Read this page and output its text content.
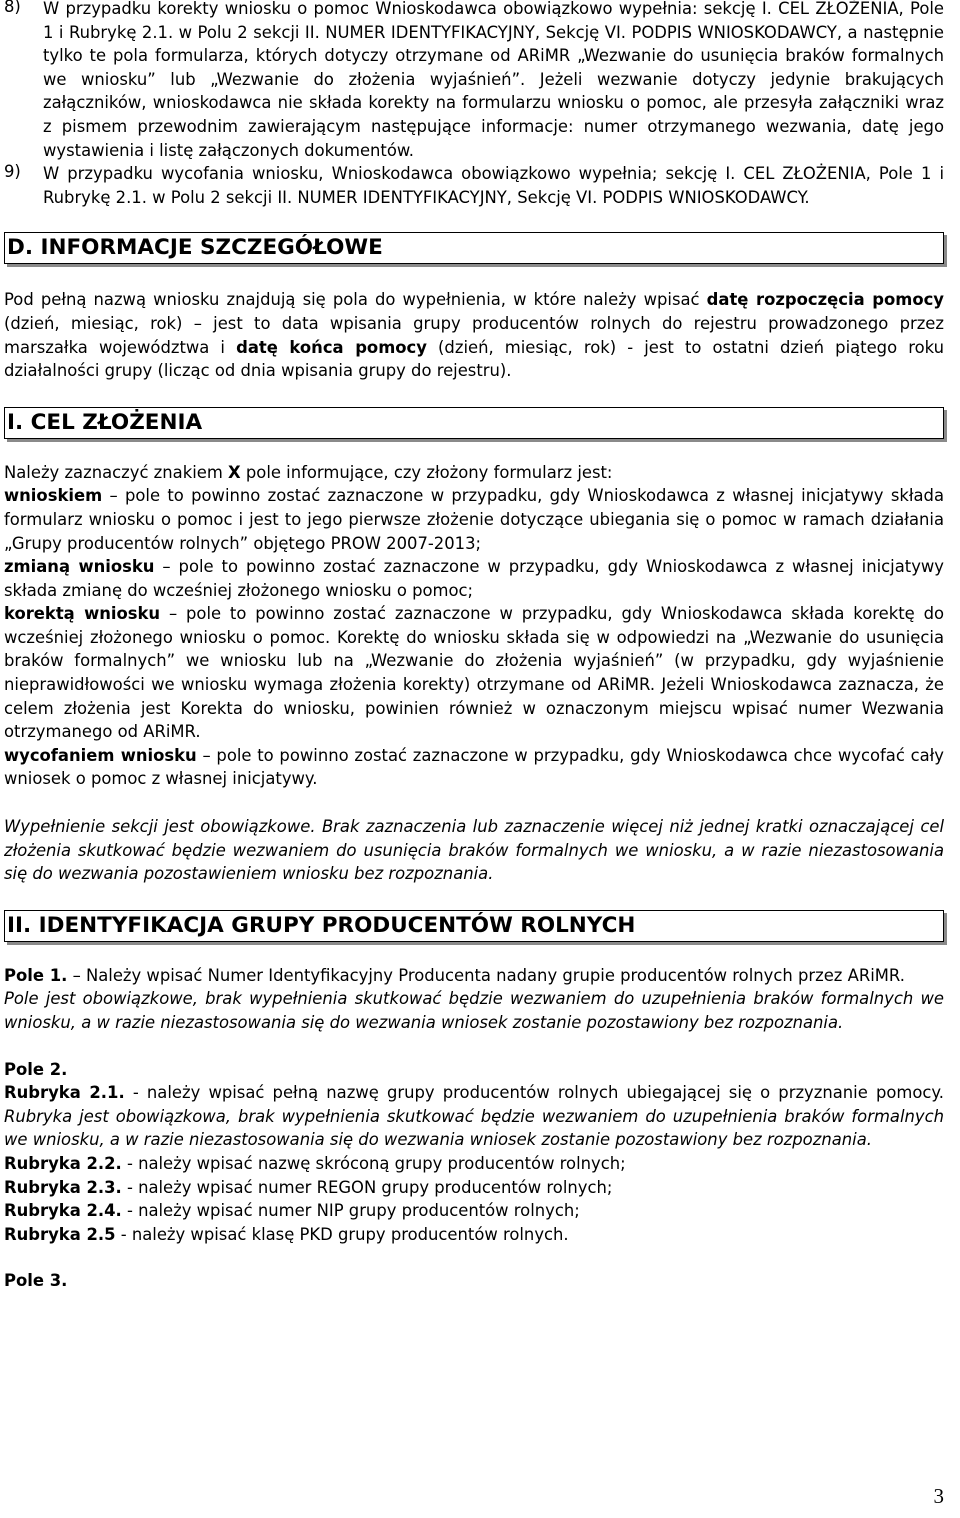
8)	W przypadku korekty wniosku o pomoc Wnioskodawca obowiązkowo wypełnia: sekcję I. CEL ZŁOŻENIA, Pole 1 i Rubrykę 2.1. w Polu 2 sekcji II. NUMER IDENTYFIKACYJNY, Sekcję VI. PODPIS WNIOSKODAWCY, a następnie tylko te pola formularza, których dotyczy otrzymane od ARiMR „Wezwanie do usunięcia braków formalnych we wniosku” lub „Wezwanie do złożenia wyjaśnień”. Jeżeli wezwanie dotyczy jedynie brakujących załączników, wnioskodawca nie składa korekty na formularzu wniosku o pomoc, ale przesyła załączniki wraz z pismem przewodnim zawierającym następujące informacje: numer otrzymanego wezwania, datę jego wystawienia i listę załączonych dokumentów.

9)	W przypadku wycofania wniosku, Wnioskodawca obowiązkowo wypełnia; sekcję I. CEL ZŁOŻENIA, Pole 1 i Rubrykę 2.1. w Polu 2 sekcji II. NUMER IDENTYFIKACYJNY, Sekcję VI. PODPIS WNIOSKODAWCY.

D. INFORMACJE SZCZEGÓŁOWE

Pod pełną nazwą wniosku znajdują się pola do wypełnienia, w które należy wpisać datę rozpoczęcia pomocy (dzień, miesiąc, rok) – jest to data wpisania grupy producentów rolnych do rejestru prowadzonego przez marszałka województwa i datę końca pomocy (dzień, miesiąc, rok) - jest to ostatni dzień piątego roku działalności grupy (licząc od dnia wpisania grupy do rejestru).

I. CEL ZŁOŻENIA

Należy zaznaczyć znakiem X pole informujące, czy złożony formularz jest:

wnioskiem – pole to powinno zostać zaznaczone w przypadku, gdy Wnioskodawca z własnej inicjatywy składa formularz wniosku o pomoc i jest to jego pierwsze złożenie dotyczące ubiegania się o pomoc w ramach działania „Grupy producentów rolnych” objętego PROW 2007-2013;

zmianą wniosku – pole to powinno zostać zaznaczone w przypadku, gdy Wnioskodawca z własnej inicjatywy składa zmianę do wcześniej złożonego wniosku o pomoc;

korektą wniosku – pole to powinno zostać zaznaczone w przypadku, gdy Wnioskodawca składa korektę do wcześniej złożonego wniosku o pomoc. Korektę do wniosku składa się w odpowiedzi na „Wezwanie do usunięcia braków formalnych” we wniosku lub na „Wezwanie do złożenia wyjaśnień” (w przypadku, gdy wyjaśnienie nieprawidłowości we wniosku wymaga złożenia korekty) otrzymane od ARiMR. Jeżeli Wnioskodawca zaznacza, że celem złożenia jest Korekta do wniosku, powinien również w oznaczonym miejscu wpisać numer Wezwania otrzymanego od ARiMR.

wycofaniem wniosku – pole to powinno zostać zaznaczone w przypadku, gdy Wnioskodawca chce wycofać cały wniosek o pomoc z własnej inicjatywy.

Wypełnienie sekcji jest obowiązkowe. Brak zaznaczenia lub zaznaczenie więcej niż jednej kratki oznaczającej cel złożenia skutkować będzie wezwaniem do usunięcia braków formalnych we wniosku, a w razie niezastosowania się do wezwania pozostawieniem wniosku bez rozpoznania.

II. IDENTYFIKACJA GRUPY PRODUCENTÓW ROLNYCH

Pole 1. – Należy wpisać Numer Identyfikacyjny Producenta nadany grupie producentów rolnych przez ARiMR.

Pole jest obowiązkowe, brak wypełnienia skutkować będzie wezwaniem do uzupełnienia braków formalnych we wniosku, a w razie niezastosowania się do wezwania wniosek zostanie pozostawiony bez rozpoznania.

Pole 2.

Rubryka 2.1. - należy wpisać pełną nazwę grupy producentów rolnych ubiegającej się o przyznanie pomocy. Rubryka jest obowiązkowa, brak wypełnienia skutkować będzie wezwaniem do uzupełnienia braków formalnych we wniosku, a w razie niezastosowania się do wezwania wniosek zostanie pozostawiony bez rozpoznania.

Rubryka 2.2. - należy wpisać nazwę skróconą grupy producentów rolnych;

Rubryka 2.3. - należy wpisać numer REGON grupy producentów rolnych;

Rubryka 2.4. - należy wpisać numer NIP grupy producentów rolnych;

Rubryka 2.5 - należy wpisać klasę PKD grupy producentów rolnych.

Pole 3.

3
